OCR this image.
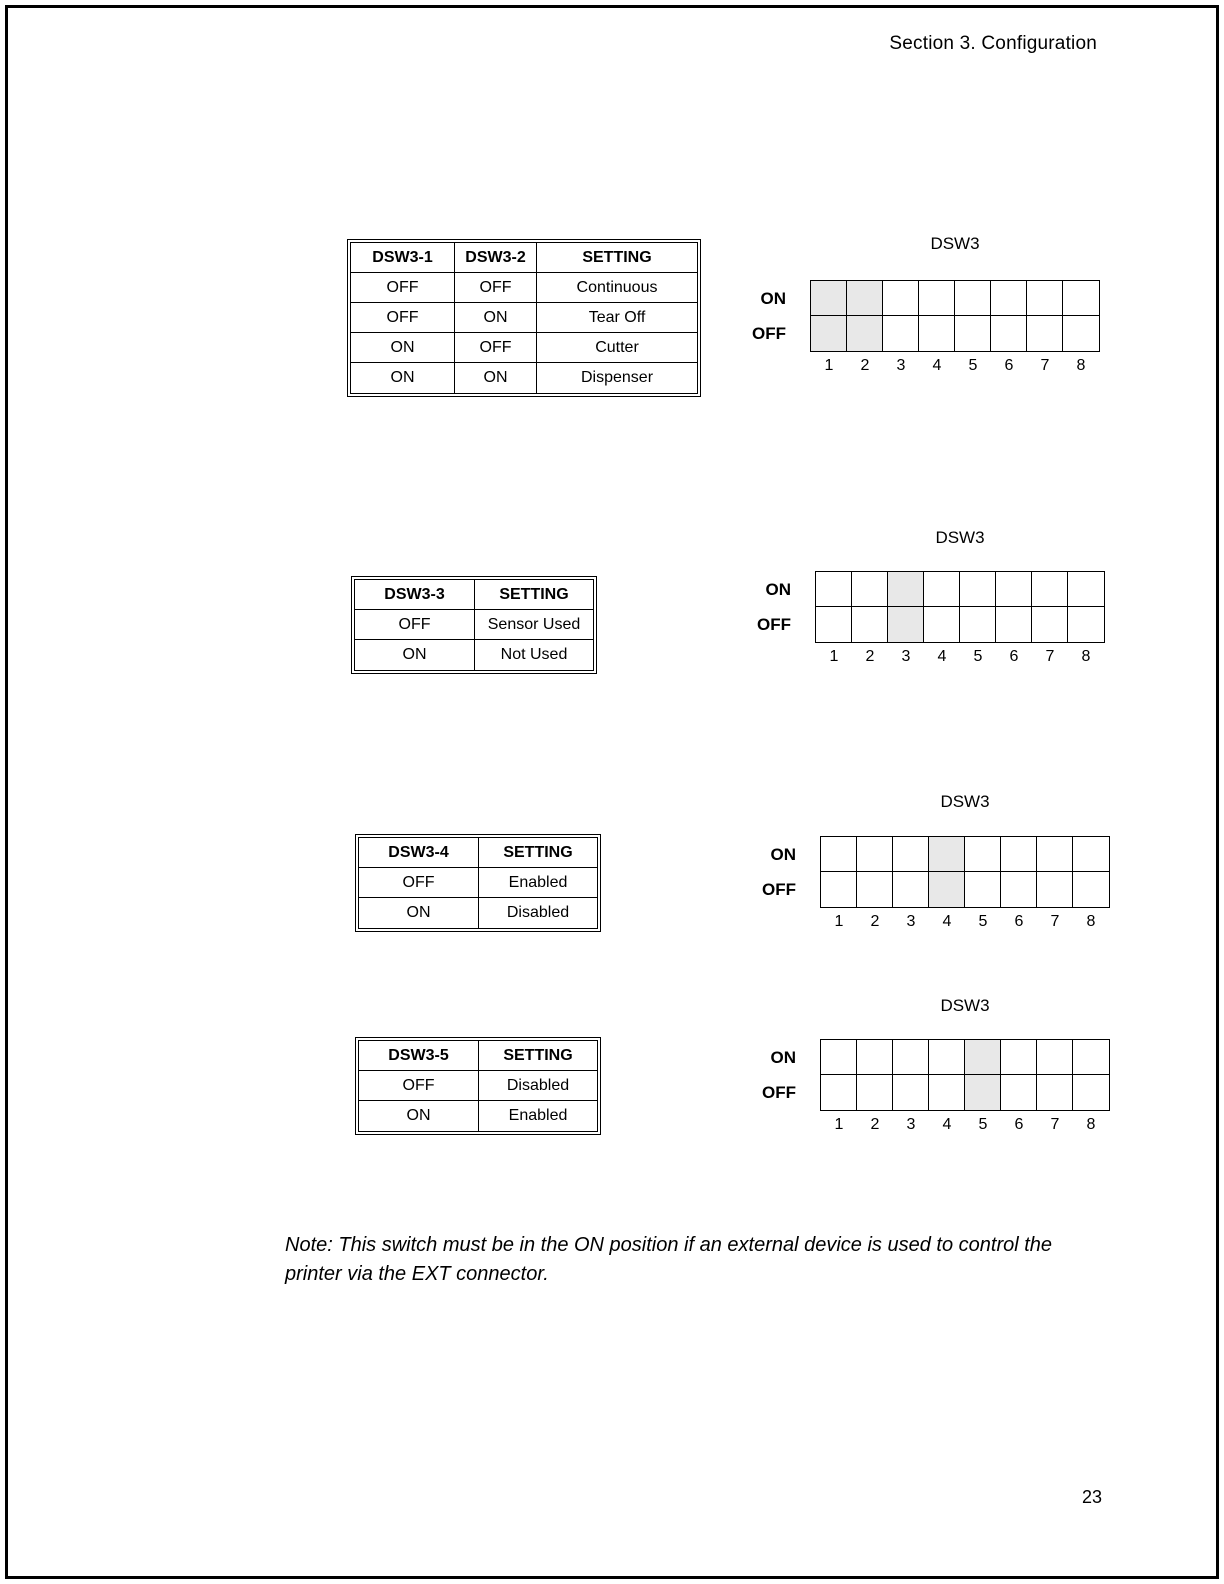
Section 3. Configuration
DSW3-1	DSW3-2	SETTING
OFF	OFF	Continuous
OFF	ON	Tear Off
ON	OFF	Cutter
ON	ON	Dispenser
DSW3
ON
OFF
1	2	3	4	5	6	7	8
DSW3-3	SETTING
OFF	Sensor Used
ON	Not Used
DSW3
ON
OFF
1	2	3	4	5	6	7	8
DSW3-4	SETTING
OFF	Enabled
ON	Disabled
DSW3
ON
OFF
1	2	3	4	5	6	7	8
DSW3-5	SETTING
OFF	Disabled
ON	Enabled
DSW3
ON
OFF
1	2	3	4	5	6	7	8
Note: This switch must be in the ON position if an external device is used to control the printer via the EXT connector.
23
